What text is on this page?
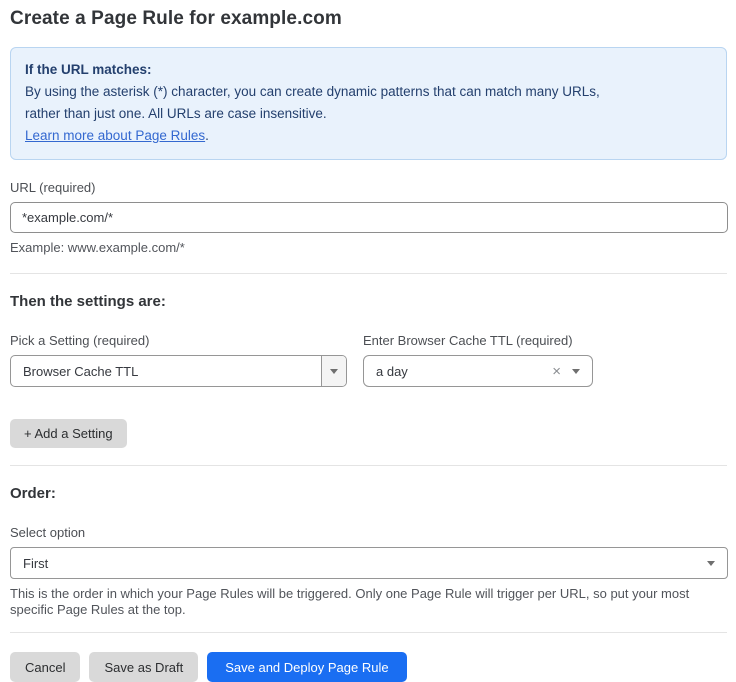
Create a Page Rule for example.com
If the URL matches:
By using the asterisk (*) character, you can create dynamic patterns that can match many URLs,
rather than just one. All URLs are case insensitive.
Learn more about Page Rules.
URL (required)
*example.com/*

Example: www.example.com/*

Then the settings are:
Pick a Setting (required)
Browser Cache TTL
Enter Browser Cache TTL (required)
a day	×
+ Add a Setting
Order:
Select option
First

This is the order in which your Page Rules will be triggered. Only one Page Rule will trigger per URL, so put your most specific Page Rules at the top.

Cancel	Save as Draft	Save and Deploy Page Rule
